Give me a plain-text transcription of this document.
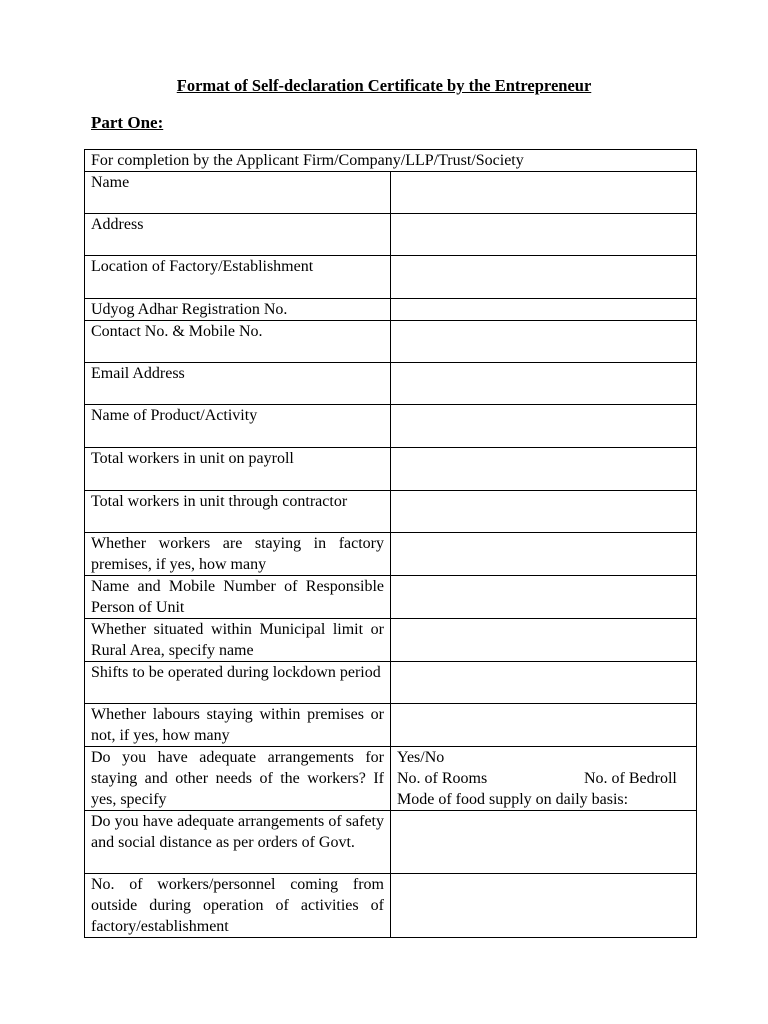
Format of Self-declaration Certificate by the Entrepreneur
Part One:
For completion by the Applicant Firm/Company/LLP/Trust/Society	
Name	
Address	
Location of Factory/Establishment	
Udyog Adhar Registration No.	
Contact No. & Mobile No.	
Email Address	
Name of Product/Activity	
Total workers in unit on payroll	

Total workers in unit through contractor	

Whether workers are staying in factory premises, if yes, how many	

Name and Mobile Number of Responsible Person of Unit	

Whether situated within Municipal limit or Rural Area, specify name	

Shifts to be operated during lockdown period	

Whether labours staying within premises or not, if yes, how many	

Do you have adequate arrangements for staying and other needs of the workers? If yes, specify	Yes/No
No. of Rooms No. of Bedroll
Mode of food supply on daily basis:

Do you have adequate arrangements of safety and social distance as per orders of Govt.	

No. of workers/personnel coming from outside during operation of activities of factory/establishment	
